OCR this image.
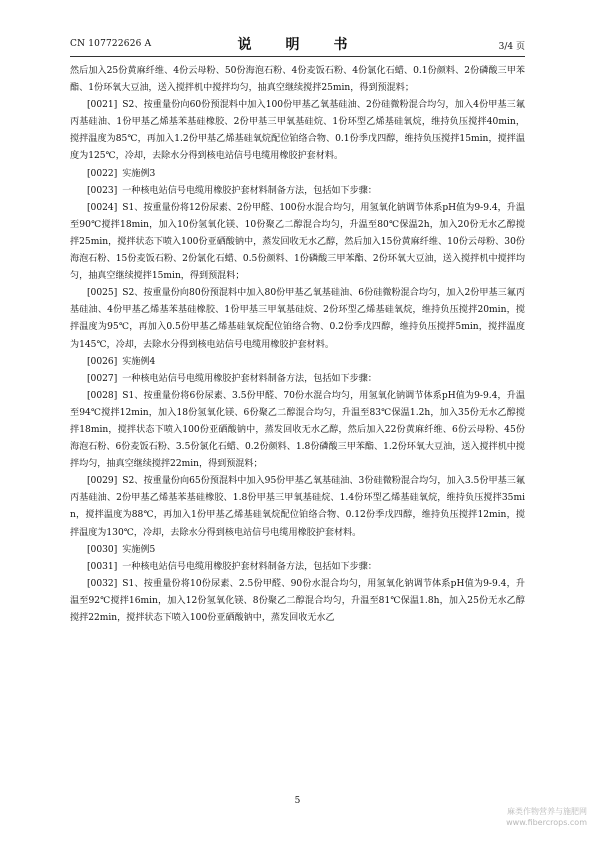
CN 107722626 A	说　明　书	3/4 页

然后加入25份黄麻纤维、4份云母粉、50份海泡石粉、4份麦饭石粉、4份氯化石蜡、0.1份颜料、2份磷酸三甲苯酯、1份环氧大豆油，送入搅拌机中搅拌均匀，抽真空继续搅拌25min，得到预混料；

[0021] S2、按重量份向60份预混料中加入100份甲基乙氧基硅油、2份硅微粉混合均匀，加入4份甲基三氟丙基硅油、1份甲基乙烯基苯基硅橡胶、2份甲基三甲氧基硅烷、1份环型乙烯基硅氧烷，维持负压搅拌40min，搅拌温度为85℃，再加入1.2份甲基乙烯基硅氧烷配位铂络合物、0.1份季戊四醇，维持负压搅拌15min，搅拌温度为125℃，冷却，去除水分得到核电站信号电缆用橡胶护套材料。

[0022] 实施例3

[0023] 一种核电站信号电缆用橡胶护套材料制备方法，包括如下步骤：

[0024] S1、按重量份将12份尿素、2份甲醛、100份水混合均匀，用氢氧化钠调节体系pH值为9-9.4，升温至90℃搅拌18min，加入10份氢氧化镁、10份聚乙二醇混合均匀，升温至80℃保温2h，加入20份无水乙醇搅拌25min，搅拌状态下喷入100份亚硒酸钠中，蒸发回收无水乙醇，然后加入15份黄麻纤维、10份云母粉、30份海泡石粉、15份麦饭石粉、2份氯化石蜡、0.5份颜料、1份磷酸三甲苯酯、2份环氧大豆油，送入搅拌机中搅拌均匀，抽真空继续搅拌15min，得到预混料；

[0025] S2、按重量份向80份预混料中加入80份甲基乙氧基硅油、6份硅微粉混合均匀，加入2份甲基三氟丙基硅油、4份甲基乙烯基苯基硅橡胶、1份甲基三甲氧基硅烷、2份环型乙烯基硅氧烷，维持负压搅拌20min，搅拌温度为95℃，再加入0.5份甲基乙烯基硅氧烷配位铂络合物、0.2份季戊四醇，维持负压搅拌5min，搅拌温度为145℃，冷却，去除水分得到核电站信号电缆用橡胶护套材料。

[0026] 实施例4

[0027] 一种核电站信号电缆用橡胶护套材料制备方法，包括如下步骤：

[0028] S1、按重量份将6份尿素、3.5份甲醛、70份水混合均匀，用氢氧化钠调节体系pH值为9-9.4，升温至94℃搅拌12min，加入18份氢氧化镁、6份聚乙二醇混合均匀，升温至83℃保温1.2h，加入35份无水乙醇搅拌18min，搅拌状态下喷入100份亚硒酸钠中，蒸发回收无水乙醇，然后加入22份黄麻纤维、6份云母粉、45份海泡石粉、6份麦饭石粉、3.5份氯化石蜡、0.2份颜料、1.8份磷酸三甲苯酯、1.2份环氧大豆油，送入搅拌机中搅拌均匀，抽真空继续搅拌22min，得到预混料；

[0029] S2、按重量份向65份预混料中加入95份甲基乙氧基硅油、3份硅微粉混合均匀，加入3.5份甲基三氟丙基硅油、2份甲基乙烯基苯基硅橡胶、1.8份甲基三甲氧基硅烷、1.4份环型乙烯基硅氧烷，维持负压搅拌35min，搅拌温度为88℃，再加入1份甲基乙烯基硅氧烷配位铂络合物、0.12份季戊四醇，维持负压搅拌12min，搅拌温度为130℃，冷却，去除水分得到核电站信号电缆用橡胶护套材料。

[0030] 实施例5

[0031] 一种核电站信号电缆用橡胶护套材料制备方法，包括如下步骤：

[0032] S1、按重量份将10份尿素、2.5份甲醛、90份水混合均匀，用氢氧化钠调节体系pH值为9-9.4，升温至92℃搅拌16min，加入12份氢氧化镁、8份聚乙二醇混合均匀，升温至81℃保温1.8h，加入25份无水乙醇搅拌22min，搅拌状态下喷入100份亚硒酸钠中，蒸发回收无水乙

5
麻类作物营养与施肥网
www.fibercrops.com
